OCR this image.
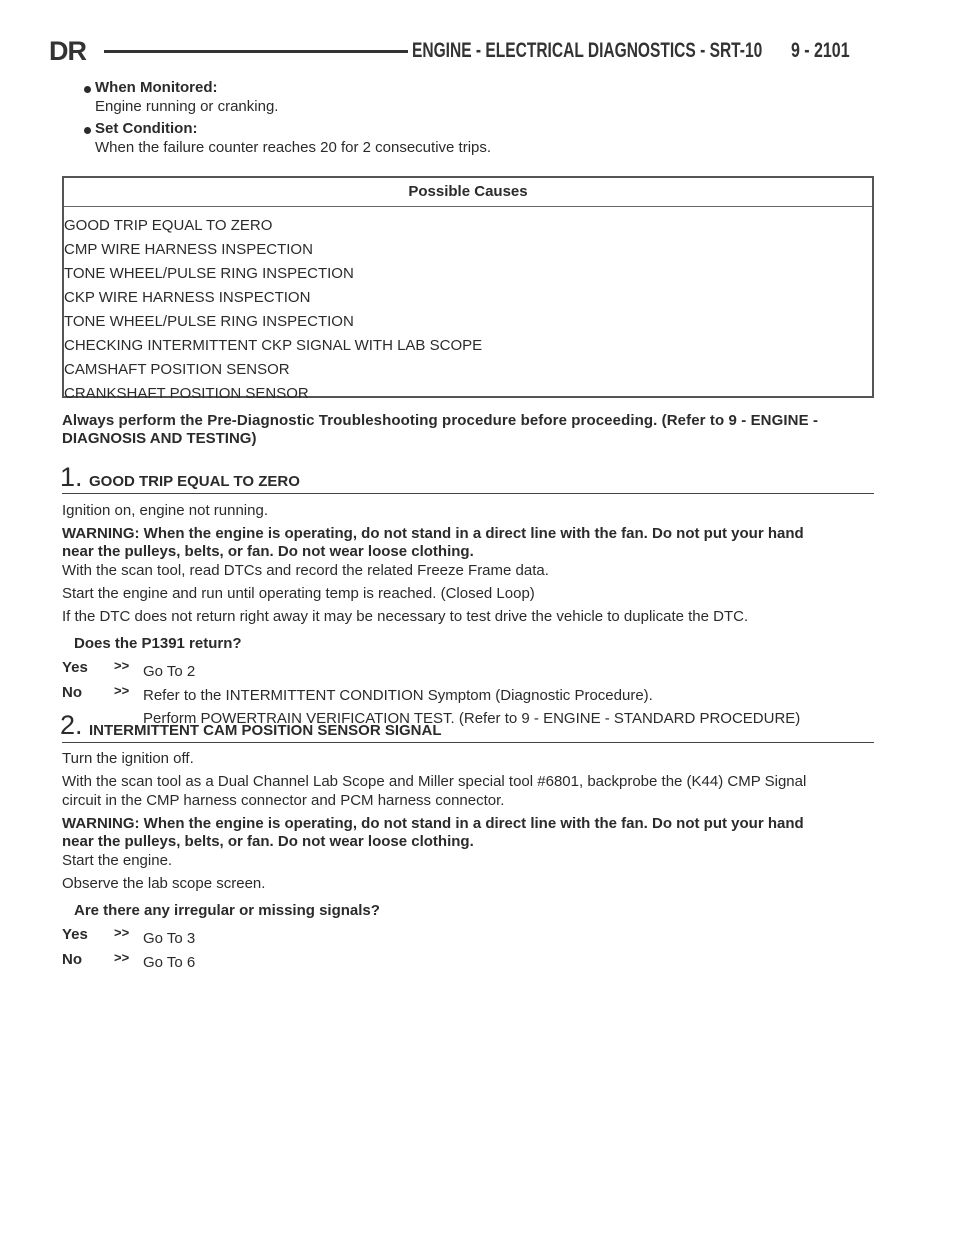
DR	ENGINE - ELECTRICAL DIAGNOSTICS - SRT-10 9 - 2101
When Monitored:
Engine running or cranking.
Set Condition:
When the failure counter reaches 20 for 2 consecutive trips.
Possible Causes
GOOD TRIP EQUAL TO ZERO
CMP WIRE HARNESS INSPECTION
TONE WHEEL/PULSE RING INSPECTION
CKP WIRE HARNESS INSPECTION
TONE WHEEL/PULSE RING INSPECTION
CHECKING INTERMITTENT CKP SIGNAL WITH LAB SCOPE
CAMSHAFT POSITION SENSOR
CRANKSHAFT POSITION SENSOR
Always perform the Pre-Diagnostic Troubleshooting procedure before proceeding. (Refer to 9 - ENGINE -
DIAGNOSIS AND TESTING)
1. GOOD TRIP EQUAL TO ZERO
Ignition on, engine not running.
WARNING: When the engine is operating, do not stand in a direct line with the fan. Do not put your hand
near the pulleys, belts, or fan. Do not wear loose clothing.
With the scan tool, read DTCs and record the related Freeze Frame data.
Start the engine and run until operating temp is reached. (Closed Loop)
If the DTC does not return right away it may be necessary to test drive the vehicle to duplicate the DTC.
Does the P1391 return?
Yes >> Go To 2
No >> Refer to the INTERMITTENT CONDITION Symptom (Diagnostic Procedure).
Perform POWERTRAIN VERIFICATION TEST. (Refer to 9 - ENGINE - STANDARD PROCEDURE)
2. INTERMITTENT CAM POSITION SENSOR SIGNAL
Turn the ignition off.
With the scan tool as a Dual Channel Lab Scope and Miller special tool #6801, backprobe the (K44) CMP Signal
circuit in the CMP harness connector and PCM harness connector.
WARNING: When the engine is operating, do not stand in a direct line with the fan. Do not put your hand
near the pulleys, belts, or fan. Do not wear loose clothing.
Start the engine.
Observe the lab scope screen.
Are there any irregular or missing signals?
Yes >> Go To 3
No >> Go To 6
